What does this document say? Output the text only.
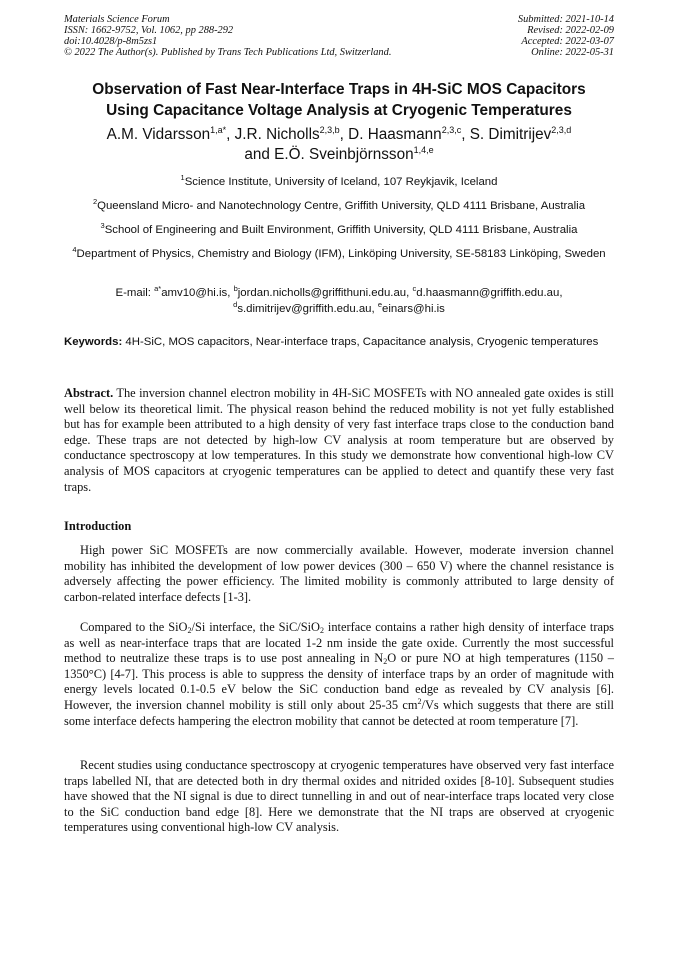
Materials Science Forum
ISSN: 1662-9752, Vol. 1062, pp 288-292
doi:10.4028/p-8m5zs1
© 2022 The Author(s). Published by Trans Tech Publications Ltd, Switzerland.
Submitted: 2021-10-14
Revised: 2022-02-09
Accepted: 2022-03-07
Online: 2022-05-31
Observation of Fast Near-Interface Traps in 4H-SiC MOS Capacitors
Using Capacitance Voltage Analysis at Cryogenic Temperatures
A.M. Vidarsson$^{1,a*}$, J.R. Nicholls$^{2,3,b}$, D. Haasmann$^{2,3,c}$, S. Dimitrijev$^{2,3,d}$
and E.Ö. Sveinbjörnsson$^{1,4,e}$
$^1$Science Institute, University of Iceland, 107 Reykjavik, Iceland
$^2$Queensland Micro- and Nanotechnology Centre, Griffith University, QLD 4111 Brisbane, Australia
$^3$School of Engineering and Built Environment, Griffith University, QLD 4111 Brisbane, Australia
$^4$Department of Physics, Chemistry and Biology (IFM), Linköping University, SE-58183 Linköping, Sweden
E-mail: $^{a*}$amv10@hi.is, $^b$jordan.nicholls@griffithuni.edu.au, $^c$d.haasmann@griffith.edu.au,
$^d$s.dimitrijev@griffith.edu.au, $^e$einars@hi.is
Keywords: 4H-SiC, MOS capacitors, Near-interface traps, Capacitance analysis, Cryogenic temperatures
Abstract. The inversion channel electron mobility in 4H-SiC MOSFETs with NO annealed gate oxides is still well below its theoretical limit. The physical reason behind the reduced mobility is not yet fully established but has for example been attributed to a high density of very fast interface traps close to the conduction band edge. These traps are not detected by high-low CV analysis at room temperature but are observed by conductance spectroscopy at low temperatures. In this study we demonstrate how conventional high-low CV analysis of MOS capacitors at cryogenic temperatures can be applied to detect and quantify these very fast traps.
Introduction
High power SiC MOSFETs are now commercially available. However, moderate inversion channel mobility has inhibited the development of low power devices (300 – 650 V) where the channel resistance is adversely affecting the power efficiency. The limited mobility is commonly attributed to large density of carbon-related interface defects [1-3].
Compared to the SiO$_2$/Si interface, the SiC/SiO$_2$ interface contains a rather high density of interface traps as well as near-interface traps that are located 1-2 nm inside the gate oxide. Currently the most successful method to neutralize these traps is to use post annealing in $N_2O$ or pure NO at high temperatures (1150 – 1350°C) [4-7]. This process is able to suppress the density of interface traps by an order of magnitude with energy levels located 0.1-0.5 eV below the SiC conduction band edge as revealed by CV analysis [6]. However, the inversion channel mobility is still only about 25-35 $cm^2/Vs$ which suggests that there are still some interface defects hampering the electron mobility that cannot be detected at room temperature [7].
Recent studies using conductance spectroscopy at cryogenic temperatures have observed very fast interface traps labelled NI, that are detected both in dry thermal oxides and nitrided oxides [8-10]. Subsequent studies have showed that the NI signal is due to direct tunnelling in and out of near-interface traps located very close to the SiC conduction band edge [8]. Here we demonstrate that the NI traps are observed at cryogenic temperatures using conventional high-low CV analysis.
